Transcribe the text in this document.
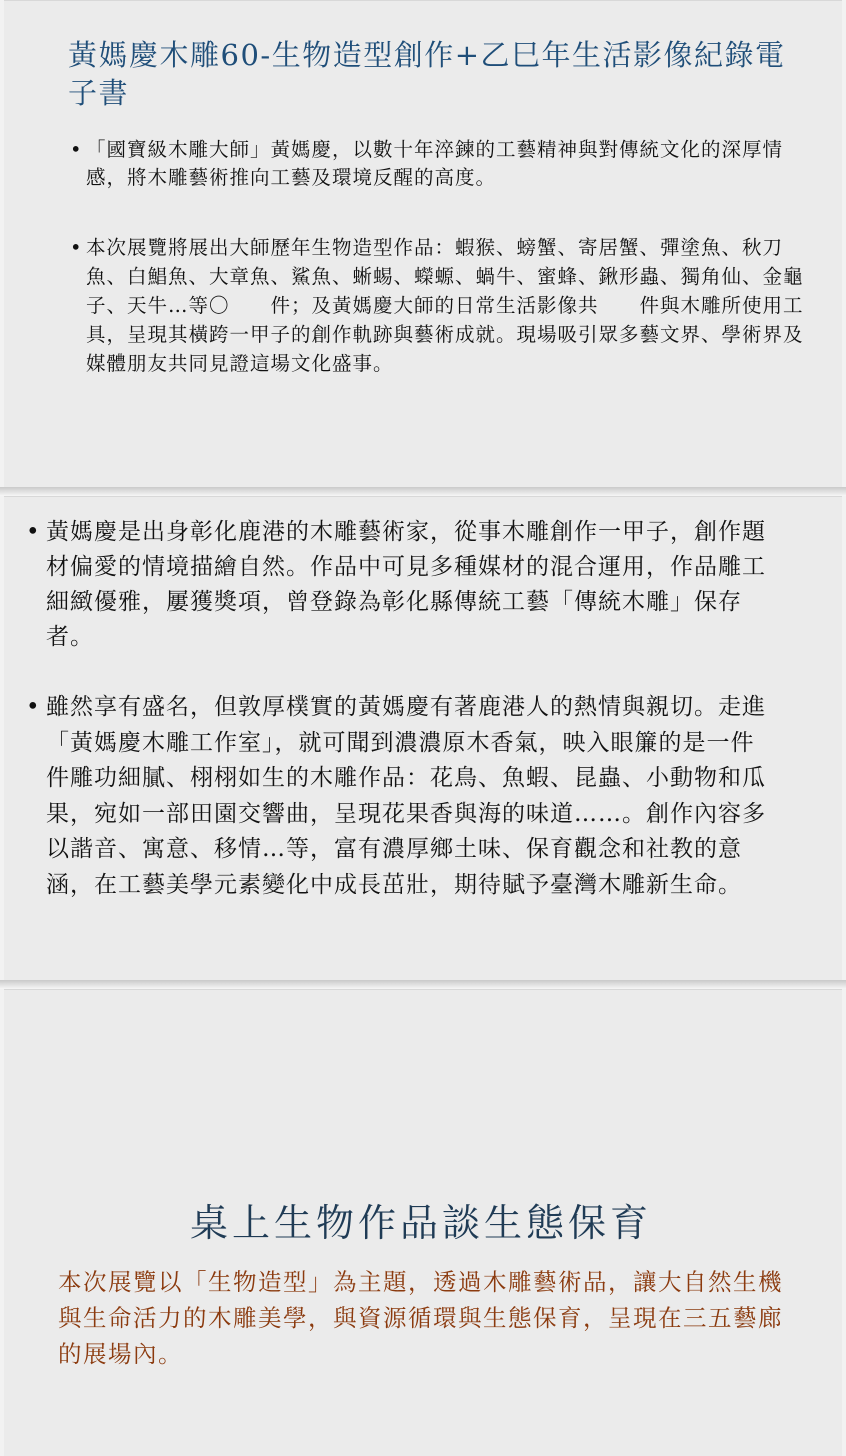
黃媽慶木雕60-生物造型創作+乙巳年生活影像紀錄電子書

• 「國寶級木雕大師」黃媽慶，以數十年淬鍊的工藝精神與對傳統文化的深厚情感，將木雕藝術推向工藝及環境反醒的高度。

• 本次展覽將展出大師歷年生物造型作品：蝦猴、螃蟹、寄居蟹、彈塗魚、秋刀魚、白鯧魚、大章魚、鯊魚、蜥蜴、蠑螈、蝸牛、蜜蜂、鍬形蟲、獨角仙、金龜子、天牛…等〇　　件；及黃媽慶大師的日常生活影像共　　件與木雕所使用工具，呈現其橫跨一甲子的創作軌跡與藝術成就。現場吸引眾多藝文界、學術界及媒體朋友共同見證這場文化盛事。

• 黃媽慶是出身彰化鹿港的木雕藝術家，從事木雕創作一甲子，創作題材偏愛的情境描繪自然。作品中可見多種媒材的混合運用，作品雕工細緻優雅，屢獲獎項，曾登錄為彰化縣傳統工藝「傳統木雕」保存者。

• 雖然享有盛名，但敦厚樸實的黃媽慶有著鹿港人的熱情與親切。走進「黃媽慶木雕工作室」，就可聞到濃濃原木香氣，映入眼簾的是一件件雕功細膩、栩栩如生的木雕作品：花鳥、魚蝦、昆蟲、小動物和瓜果，宛如一部田園交響曲，呈現花果香與海的味道……。創作內容多以諧音、寓意、移情…等，富有濃厚鄉土味、保育觀念和社教的意涵，在工藝美學元素變化中成長茁壯，期待賦予臺灣木雕新生命。

桌上生物作品談生態保育

本次展覽以「生物造型」為主題，透過木雕藝術品，讓大自然生機與生命活力的木雕美學，與資源循環與生態保育，呈現在三五藝廊的展場內。
